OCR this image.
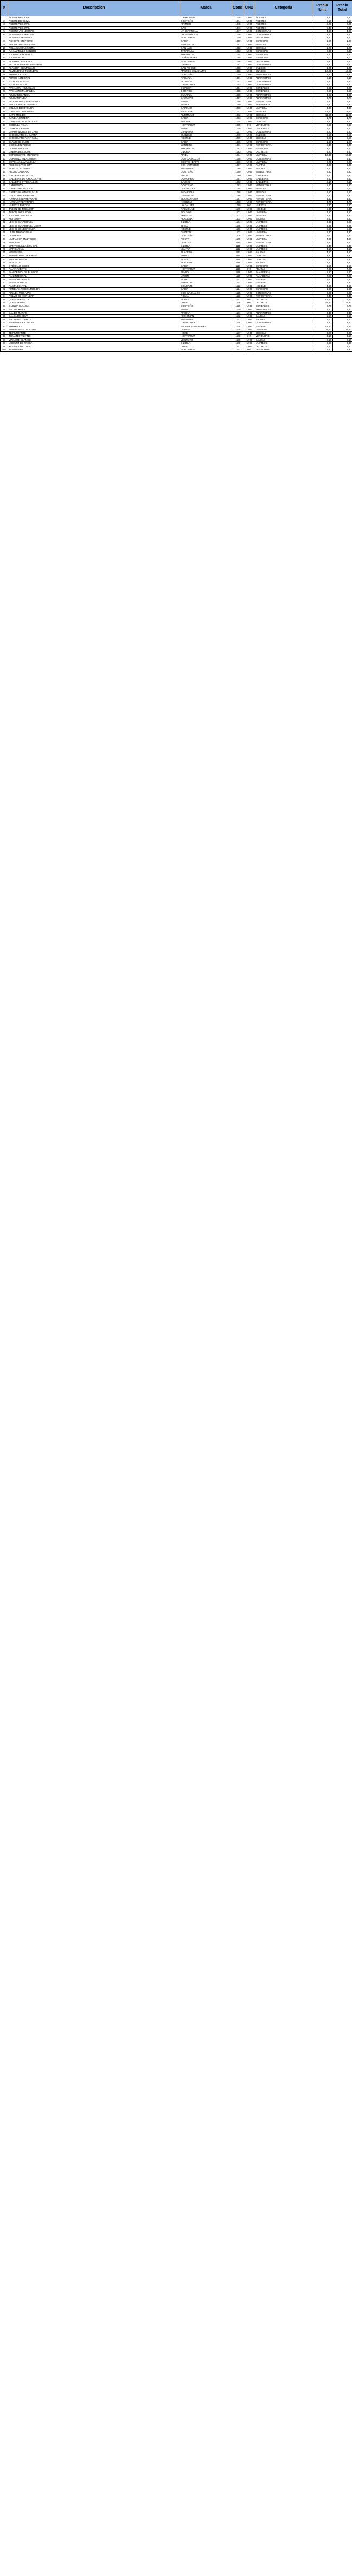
#	Descripcion	Marca	Cons.	UND	Categoria	Precio Unit	Precio Total
1	ACEITE DE OLIVA	CARBONELL	1025	UND	ACEITES	8,50	8,50
2	ACEITE DE OLIVA	COSTEÑO	1044	UND	ACEITES	9,10	9,10
3	ACEITE VEGETAL	PRIMOR	1045	UND	ACEITES	6,20	6,20
4	ACEITE VEGETAL	SAO	1046	UND	ACEITES	6,40	6,40
5	ACEITUNAS NEGRAS	LA ESPAÑOLA	1047	UND	CONSERVAS	4,80	4,80
6	ACEITUNAS VERDES	LA ESPAÑOLA	1048	UND	CONSERVAS	4,60	4,60
7	ACELGA ORGANICA	HORTIFRUT	1049	UND	VERDURAS	2,10	2,10
8	ACHIOTE EN POLVO	BADIA	1050	UND	ESPECIAS	1,90	1,90
9	AGUA CON GAS 500ML	SAN MATEO	1051	UND	BEBIDAS	1,50	1,50
10	AGUA SIN GAS 625ML	SAN LUIS	1052	UND	BEBIDAS	1,20	1,20
11	AJI AMARILLO MOLIDO	TARAPACA	1053	UND	ESPECIAS	2,30	2,30
12	AJI PANCA MOLIDO	TARAPACA	1054	UND	ESPECIAS	2,30	2,30
13	AJO MOLIDO	DOÑA ISABEL	1055	UND	ESPECIAS	2,00	2,00
14	ALBAHACA FRESCA	HORTIFRUT	1056	UND	VERDURAS	1,80	1,80
15	ALCACHOFA EN CONSERVA	DANPER	1057	UND	CONSERVAS	7,50	7,50
16	ALFAJOR DE MANJAR	SAN ROQUE	1058	UND	DULCES	1,00	1,00
17	ALMENDRAS TOSTADAS	FRUTOS DEL CAMPO	1059	UND	SNACKS	12,90	12,90
18	ARROZ EXTRA	COSTEÑO	1060	UND	ABARROTES	4,20	4,20
19	ARROZ INTEGRAL	PAISANA	1061	UND	ABARROTES	5,10	5,10
20	ATUN EN ACEITE	FLORIDA	1062	UND	CONSERVAS	5,90	5,90
21	ATUN EN AGUA	CAMPOMAR	1063	UND	CONSERVAS	5,70	5,70
22	AVENA EN HOJUELAS	QUAKER	1064	UND	CEREALES	3,80	3,80
23	AVENA INSTANTANEA	3 OSITOS	1065	UND	CEREALES	3,50	3,50
24	AZUCAR BLANCA	DULFINA	1066	UND	ABARROTES	4,00	4,00
25	AZUCAR RUBIA	CARTAVIO	1067	UND	ABARROTES	3,70	3,70
26	BICARBONATO DE SODIO	BADIA	1068	UND	REPOSTERIA	1,50	1,50
27	BIZCOCHO DE VAINILLA	BIMBO	1069	UND	PANADERIA	6,90	6,90
28	BOLSAS DE BASURA	SAPOLIO	1070	UND	LIMPIEZA	4,30	4,30
29	CAFE INSTANTANEO	NESCAFE	1071	UND	BEBIDAS	14,50	14,50
30	CAFE MOLIDO	ALTOMAYO	1072	UND	BEBIDAS	11,90	11,90
31	CANELA ENTERA	BADIA	1073	UND	ESPECIAS	1,70	1,70
32	CARAMELOS SURTIDOS	ARCOR	1074	UND	DULCES	3,20	3,20
33	CEBOLLA ROJA	HORTIFRUT	1075	KG	VERDURAS	2,60	2,60
34	CEREAL DE MAIZ	ANGEL	1076	UND	CEREALES	7,40	7,40
35	CHAMPIÑONES EN LATA	GIANNINA	1077	UND	CONSERVAS	5,20	5,20
36	CHOCOLATE EN BARRA	SUBLIME	1078	UND	DULCES	2,50	2,50
37	CHOCOLATE PARA TAZA	NESTLE	1079	UND	BEBIDAS	6,80	6,80
38	CLAVO DE OLOR	BADIA	1080	UND	ESPECIAS	1,60	1,60
39	COCOA EN POLVO	WINTERS	1081	UND	REPOSTERIA	5,40	5,40
40	COMINO MOLIDO	TARAPACA	1082	UND	ESPECIAS	1,40	1,40
41	CREMA DE LECHE	GLORIA	1083	UND	LACTEOS	4,90	4,90
42	DETERGENTE EN POLVO	ARIEL	1084	UND	LIMPIEZA	12,30	12,30
43	DURAZNO EN ALMIBAR	DOS CABALLOS	1085	UND	CONSERVAS	6,10	6,10
44	ESPONJA LAVAVAJILLA	SCOTCH BRITE	1086	UND	LIMPIEZA	2,20	2,20
45	FIDEOS SPAGHETTI	DON VITTORIO	1087	UND	PASTAS	3,30	3,30
46	FIDEOS TALLARIN	MOLITALIA	1088	UND	PASTAS	3,10	3,10
47	FRIJOL CANARIO	COSTEÑO	1089	UND	MENESTRAS	6,30	6,30
48	GALLETAS DE AGUA	FIELD	1090	UND	GALLETAS	1,90	1,90
49	GALLETAS DE CHOCOLATE	DONOFRIO	1091	UND	GALLETAS	2,40	2,40
50	GALLETAS INTEGRALES	CASINO	1092	UND	GALLETAS	2,10	2,10
51	GARBANZO	COSTEÑO	1093	UND	MENESTRAS	5,80	5,80
52	GASEOSA COLA 1.5L	COCA COLA	1094	UND	BEBIDAS	6,50	6,50
53	GASEOSA AMARILLA 1.5L	INCA KOLA	1095	UND	BEBIDAS	6,50	6,50
54	GELATINA DE FRESA	UNIVERSAL	1096	UND	REPOSTERIA	1,30	1,30
55	HARINA SIN PREPARAR	BLANCA FLOR	1097	UND	REPOSTERIA	4,40	4,40
56	HARINA PREPARADA	NICOLINI	1098	UND	REPOSTERIA	4,70	4,70
57	HUEVOS PARDOS	LA CALERA	1099	KG	HUEVOS	8,20	8,20
58	JABON DE TOCADOR	PALMOLIVE	1100	UND	HIGIENE	2,30	2,30
59	JABON PARA ROPA	BOLIVAR	1101	UND	LIMPIEZA	3,50	3,50
60	JUGO DE NARANJA	FRUGOS	1102	UND	BEBIDAS	3,90	3,90
61	KETCHUP	ALACENA	1103	UND	SALSAS	3,60	3,60
62	LECHE EVAPORADA	GLORIA	1104	UND	LACTEOS	3,80	3,80
63	LECHE EVAPORADA LIGHT	IDEAL	1105	UND	LACTEOS	3,90	3,90
64	LECHE CONDENSADA	NESTLE	1106	UND	LACTEOS	5,60	5,60
65	LEJIA TRADICIONAL	CLOROX	1107	UND	LIMPIEZA	3,20	3,20
66	LENTEJAS	COSTEÑO	1108	UND	MENESTRAS	5,40	5,40
67	LIMPIADOR MULTIUSO	POETT	1109	UND	LIMPIEZA	4,90	4,90
68	MAICENA	DURYEA	1110	UND	REPOSTERIA	2,80	2,80
69	MANTEQUILLA CON SAL	GLORIA	1111	UND	LACTEOS	6,40	6,40
70	MARGARINA	MANTY	1112	UND	LACTEOS	4,10	4,10
71	MAYONESA	ALACENA	1113	UND	SALSAS	4,50	4,50
72	MERMELADA DE FRESA	FANNY	1114	UND	DULCES	4,30	4,30
73	MIEL DE ABEJA	PUMA	1115	UND	DULCES	9,80	9,80
74	MOSTAZA	ALACENA	1116	UND	SALSAS	2,90	2,90
75	ORÉGANO SECO	BADIA	1117	UND	ESPECIAS	1,50	1,50
76	PALTA FUERTE	HORTIFRUT	1118	KG	FRUTAS	7,90	7,90
77	PAN DE MOLDE BLANCO	BIMBO	1119	UND	PANADERIA	6,80	6,80
78	PAN INTEGRAL	UNION	1120	UND	PANADERIA	7,20	7,20
79	PAPEL HIGIENICO	ELITE	1121	UND	HIGIENE	9,90	9,90
80	PAPEL TOALLA	PARACAS	1122	UND	HIGIENE	5,30	5,30
81	PASTA DENTAL	COLGATE	1123	UND	HIGIENE	4,60	4,60
82	PIMIENTA NEGRA MOLIDA	BADIA	1124	UND	ESPECIAS	1,80	1,80
83	PIÑA EN RODAJAS	DOS CABALLOS	1125	UND	CONSERVAS	6,20	6,20
84	POLVO DE HORNEAR	ROYAL	1126	UND	REPOSTERIA	2,40	2,40
85	QUESO FRESCO	BONLE	1127	KG	LACTEOS	18,50	18,50
86	QUESO EDAM	LAIVE	1128	KG	LACTEOS	29,90	29,90
87	QUINUA BLANCA	COSTEÑO	1129	UND	CEREALES	8,70	8,70
88	SAL DE MESA	EMSAL	1130	UND	ABARROTES	1,20	1,20
89	SAL DE MARAS	ANDINA	1131	UND	ABARROTES	3,40	3,40
90	SALSA DE SOYA	KIKKOMAN	1132	UND	SALSAS	5,50	5,50
91	SALSA DE TOMATE	MOLITALIA	1133	UND	SALSAS	2,70	2,70
92	SARDINAS EN SALSA	CAMPOMAR	1134	UND	CONSERVAS	4,10	4,10
93	SHAMPOO	HEAD & SHOULDERS	1135	UND	HIGIENE	14,90	14,90
94	SUAVIZANTE DE ROPA	DOWNY	1136	UND	LIMPIEZA	11,40	11,40
95	TE FILTRANTE	HERBI	1137	UND	BEBIDAS	3,20	3,20
96	TOMATE ITALIANO	HORTIFRUT	1138	KG	VERDURAS	3,10	3,10
97	VINAGRE BLANCO	VENTURO	1139	UND	SALSAS	2,10	2,10
98	YOGURT DE FRESA	GLORIA	1140	UND	LACTEOS	6,90	6,90
99	YOGURT NATURAL	LAIVE	1141	UND	LACTEOS	7,10	7,10
100	ZANAHORIA	HORTIFRUT	1142	KG	VERDURAS	1,90	1,90
